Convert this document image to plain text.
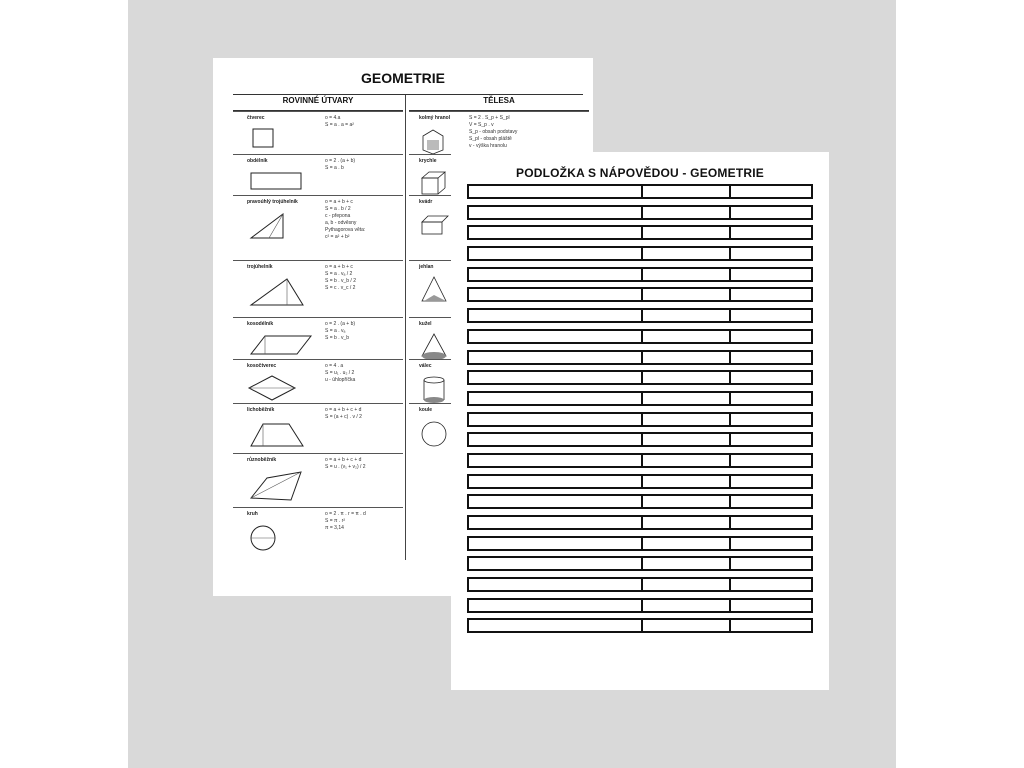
GEOMETRIE
ROVINNÉ ÚTVARY	TĚLESA
čtverec	o = 4.a
S = a . a = a²
obdélník	o = 2 . (a + b)
S = a . b
pravoúhlý trojúhelník	o = a + b + c
S = a . b / 2
c - přepona
a, b - odvěsny
Pythagorova věta:
c² = a² + b²
trojúhelník	o = a + b + c
S = a . vₐ / 2
S = b . v_b / 2
S = c . v_c / 2
kosodélník	o = 2 . (a + b)
S = a . vₐ
S = b . v_b
kosočtverec	o = 4 . a
S = u₁ . u₂ / 2
u - úhlopříčka
lichoběžník	o = a + b + c + d
S = (a + c) . v / 2
různoběžník	o = a + b + c + d
S = u . (v₁ + v₂) / 2
kruh	o = 2 . π . r = π . d
S = π . r²
π = 3,14
kolmý hranol	S = 2 . S_p + S_pl
V = S_p . v
S_p - obsah podstavy
S_pl - obsah pláště
v - výška hranolu
krychle
kvádr
jehlan
kužel
válec
koule
PODLOŽKA S NÁPOVĚDOU - GEOMETRIE
